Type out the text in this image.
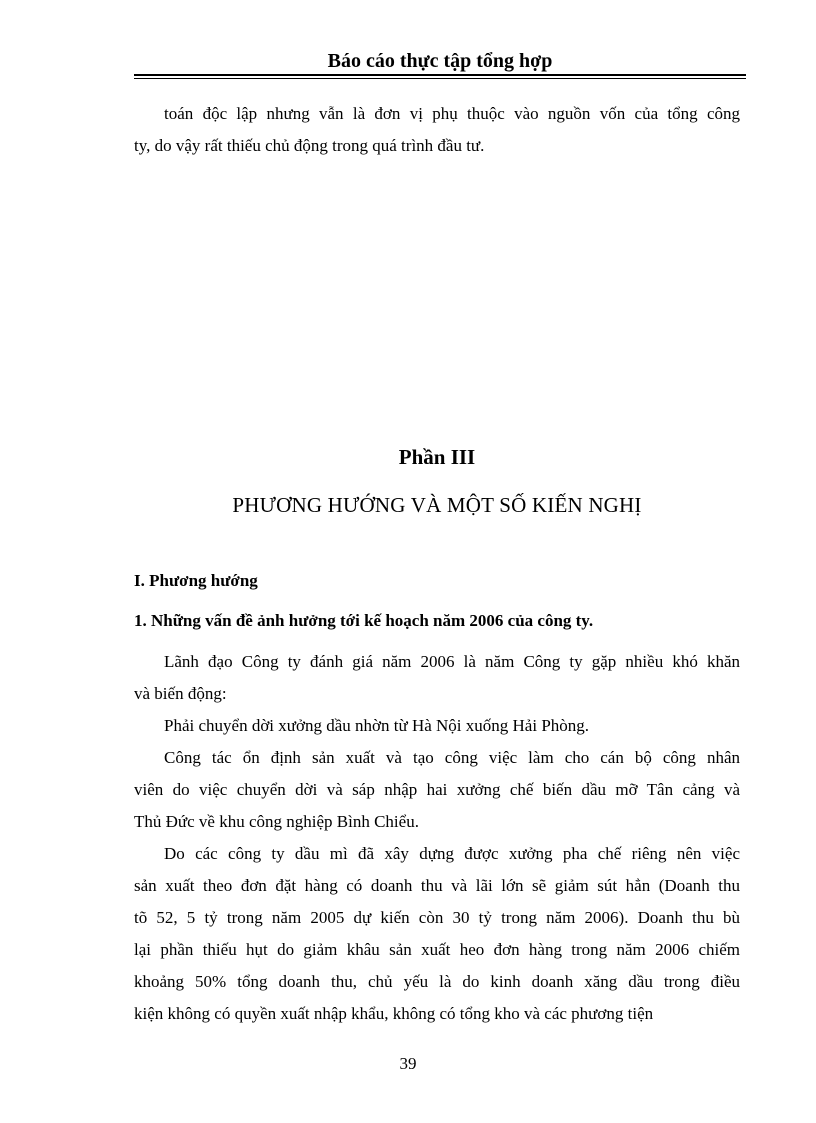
Báo cáo thực tập tổng hợp

toán độc lập nhưng vẫn là đơn vị phụ thuộc vào nguồn vốn của tổng công
ty, do vậy rất thiếu chủ động trong quá trình đầu tư.

Phần III
PHƯƠNG HƯỚNG VÀ MỘT SỐ KIẾN NGHỊ
I. Phương hướng
1. Những vấn đề ảnh hưởng tới kế hoạch năm 2006 của công ty.

Lãnh đạo Công ty đánh giá năm 2006 là năm Công ty gặp nhiều khó khăn
và biến động:

Phải chuyển dời xưởng dầu nhờn từ Hà Nội xuống Hải Phòng.

Công tác ổn định sản xuất và tạo công việc làm cho cán bộ công nhân
viên do việc chuyển dời và sáp nhập hai xưởng chế biến dầu mỡ Tân cảng và
Thủ Đức về khu công nghiệp Bình Chiểu.

Do các công ty dầu mì đã xây dựng được xưởng pha chế riêng nên việc
sản xuất theo đơn đặt hàng có doanh thu và lãi lớn sẽ giảm sút hẳn (Doanh thu
tõ 52, 5 tỷ trong năm 2005 dự kiến còn 30 tỷ trong năm 2006). Doanh thu bù
lại phần thiếu hụt do giảm khâu sản xuất heo đơn hàng trong năm 2006 chiếm
khoảng 50% tổng doanh thu, chủ yếu là do kinh doanh xăng dầu trong điều
kiện không có quyền xuất nhập khẩu, không có tổng kho và các phương tiện

39
